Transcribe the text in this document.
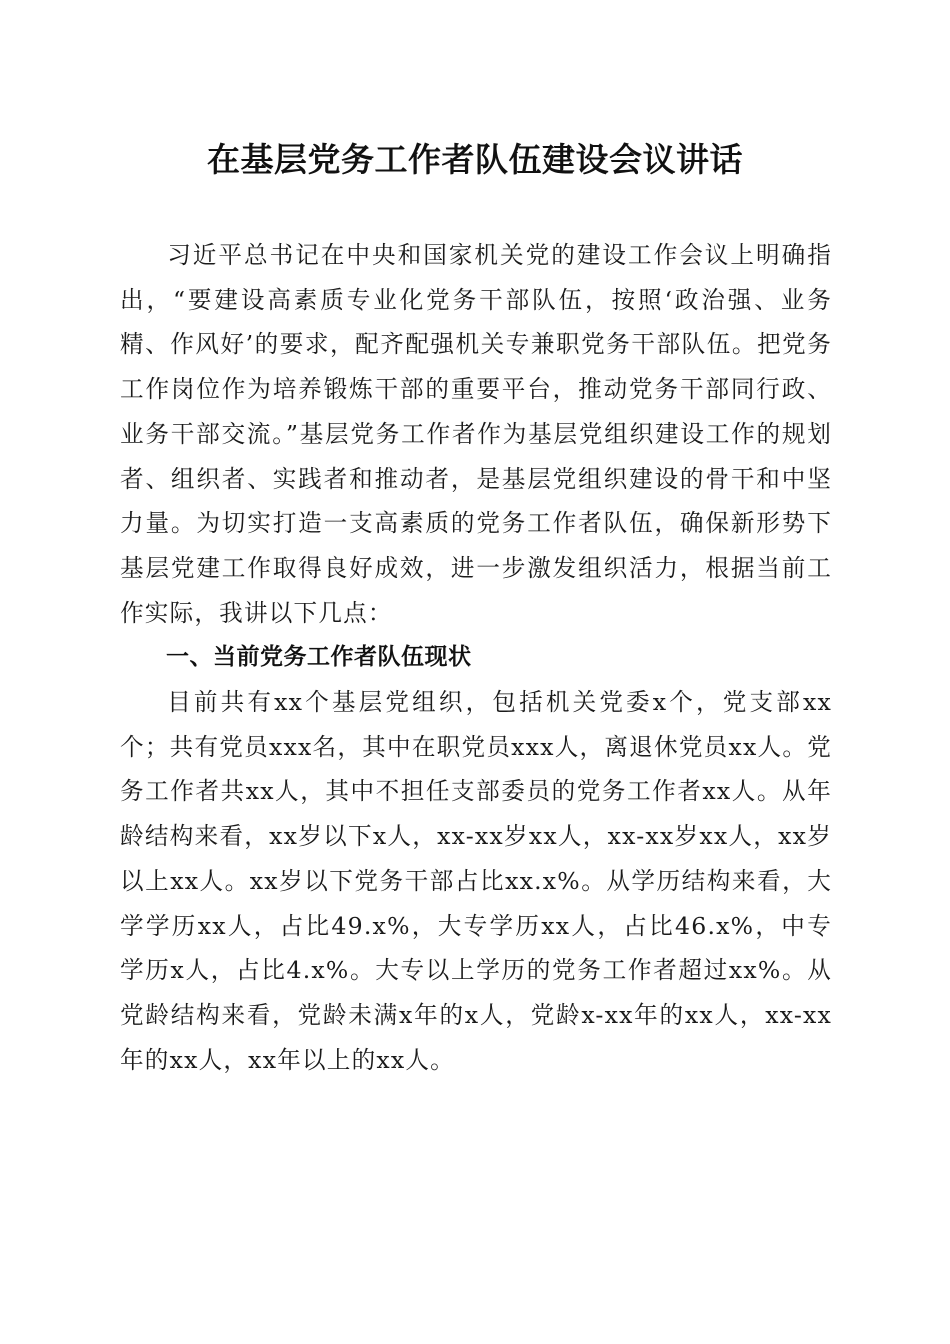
在基层党务工作者队伍建设会议讲话

习近平总书记在中央和国家机关党的建设工作会议上明确指出，“要建设高素质专业化党务干部队伍，按照‘政治强、业务精、作风好’的要求，配齐配强机关专兼职党务干部队伍。把党务工作岗位作为培养锻炼干部的重要平台，推动党务干部同行政、业务干部交流。”基层党务工作者作为基层党组织建设工作的规划者、组织者、实践者和推动者，是基层党组织建设的骨干和中坚力量。为切实打造一支高素质的党务工作者队伍，确保新形势下基层党建工作取得良好成效，进一步激发组织活力，根据当前工作实际，我讲以下几点：

一、当前党务工作者队伍现状

目前共有xx个基层党组织，包括机关党委x个，党支部xx个；共有党员xxx名，其中在职党员xxx人，离退休党员xx人。党务工作者共xx人，其中不担任支部委员的党务工作者xx人。从年龄结构来看，xx岁以下x人，xx-xx岁xx人，xx-xx岁xx人，xx岁以上xx人。xx岁以下党务干部占比xx.x%。从学历结构来看，大学学历xx人，占比49.x%，大专学历xx人，占比46.x%，中专学历x人，占比4.x%。大专以上学历的党务工作者超过xx%。从党龄结构来看，党龄未满x年的x人，党龄x-xx年的xx人，xx-xx年的xx人，xx年以上的xx人。
